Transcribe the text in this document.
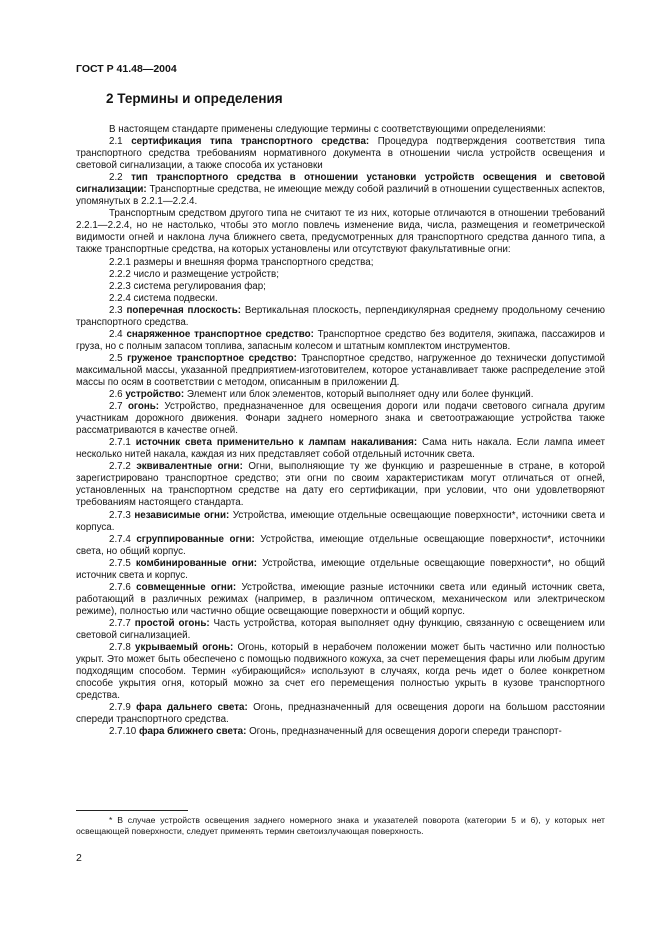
ГОСТ Р 41.48—2004
2 Термины и определения

В настоящем стандарте применены следующие термины с соответствующими определениями:

2.1 сертификация типа транспортного средства: Процедура подтверждения соответствия типа транспортного средства требованиям нормативного документа в отношении числа устройств освещения и световой сигнализации, а также способа их установки

2.2 тип транспортного средства в отношении установки устройств освещения и световой сигнализации: Транспортные средства, не имеющие между собой различий в отношении существенных аспектов, упомянутых в 2.2.1—2.2.4.

Транспортным средством другого типа не считают те из них, которые отличаются в отношении требований 2.2.1—2.2.4, но не настолько, чтобы это могло повлечь изменение вида, числа, размещения и геометрической видимости огней и наклона луча ближнего света, предусмотренных для транспортного средства данного типа, а также транспортные средства, на которых установлены или отсутствуют факультативные огни:

2.2.1 размеры и внешняя форма транспортного средства;

2.2.2 число и размещение устройств;

2.2.3 система регулирования фар;

2.2.4 система подвески.

2.3 поперечная плоскость: Вертикальная плоскость, перпендикулярная среднему продольному сечению транспортного средства.

2.4 снаряженное транспортное средство: Транспортное средство без водителя, экипажа, пассажиров и груза, но с полным запасом топлива, запасным колесом и штатным комплектом инструментов.

2.5 груженое транспортное средство: Транспортное средство, нагруженное до технически допустимой максимальной массы, указанной предприятием-изготовителем, которое устанавливает также распределение этой массы по осям в соответствии с методом, описанным в приложении Д.

2.6 устройство: Элемент или блок элементов, который выполняет одну или более функций.

2.7 огонь: Устройство, предназначенное для освещения дороги или подачи светового сигнала другим участникам дорожного движения. Фонари заднего номерного знака и светоотражающие устройства также рассматриваются в качестве огней.

2.7.1 источник света применительно к лампам накаливания: Сама нить накала. Если лампа имеет несколько нитей накала, каждая из них представляет собой отдельный источник света.

2.7.2 эквивалентные огни: Огни, выполняющие ту же функцию и разрешенные в стране, в которой зарегистрировано транспортное средство; эти огни по своим характеристикам могут отличаться от огней, установленных на транспортном средстве на дату его сертификации, при условии, что они удовлетворяют требованиям настоящего стандарта.

2.7.3 независимые огни: Устройства, имеющие отдельные освещающие поверхности*, источники света и корпуса.

2.7.4 сгруппированные огни: Устройства, имеющие отдельные освещающие поверхности*, источники света, но общий корпус.

2.7.5 комбинированные огни: Устройства, имеющие отдельные освещающие поверхности*, но общий источник света и корпус.

2.7.6 совмещенные огни: Устройства, имеющие разные источники света или единый источник света, работающий в различных режимах (например, в различном оптическом, механическом или электрическом режиме), полностью или частично общие освещающие поверхности и общий корпус.

2.7.7 простой огонь: Часть устройства, которая выполняет одну функцию, связанную с освещением или световой сигнализацией.

2.7.8 укрываемый огонь: Огонь, который в нерабочем положении может быть частично или полностью укрыт. Это может быть обеспечено с помощью подвижного кожуха, за счет перемещения фары или любым другим подходящим способом. Термин «убирающийся» используют в случаях, когда речь идет о более конкретном способе укрытия огня, который можно за счет его перемещения полностью укрыть в кузове транспортного средства.

2.7.9 фара дальнего света: Огонь, предназначенный для освещения дороги на большом расстоянии спереди транспортного средства.

2.7.10 фара ближнего света: Огонь, предназначенный для освещения дороги спереди транспорт-

* В случае устройств освещения заднего номерного знака и указателей поворота (категории 5 и 6), у которых нет освещающей поверхности, следует применять термин светоизлучающая поверхность.

2
